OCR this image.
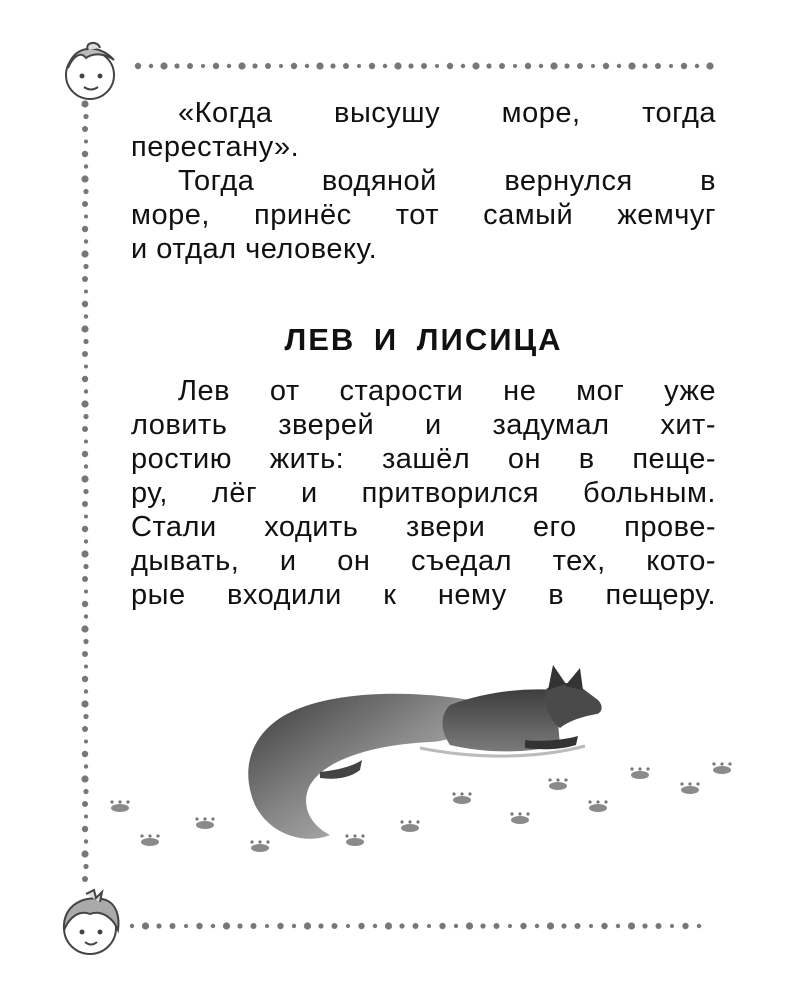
«Когда высушу море, тогда
перестану».
Тогда водяной вернулся в
море, принёс тот самый жемчуг
и отдал человеку.
ЛЕВ И ЛИСИЦА
Лев от старости не мог уже
ловить зверей и задумал хит-
ростию жить: зашёл он в пеще-
ру, лёг и притворился больным.
Стали ходить звери его прове-
дывать, и он съедал тех, кото-
рые входили к нему в пещеру.
